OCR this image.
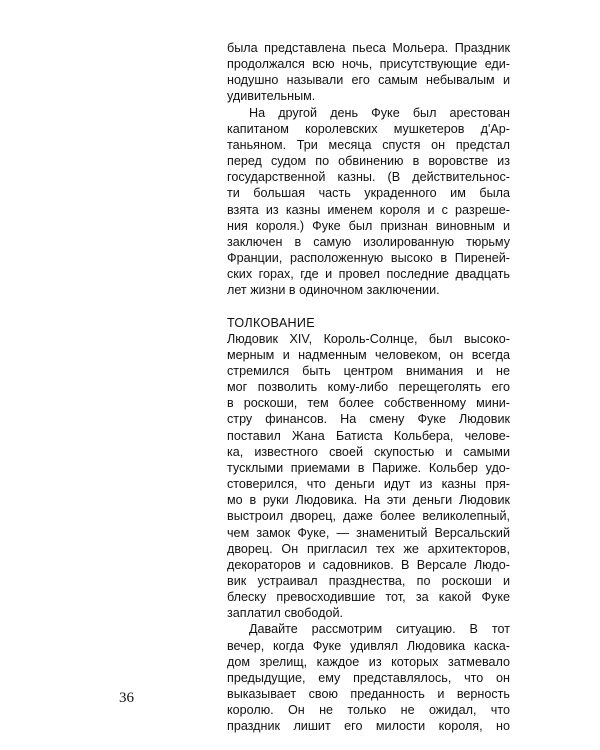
была представлена пьеса Мольера. Праздник
продолжался всю ночь, присутствующие еди-
нодушно называли его самым небывалым и
удивительным.
На другой день Фуке был арестован
капитаном королевских мушкетеров д'Ар-
таньяном. Три месяца спустя он предстал
перед судом по обвинению в воровстве из
государственной казны. (В действительнос-
ти большая часть украденного им была
взята из казны именем короля и с разреше-
ния короля.) Фуке был признан виновным и
заключен в самую изолированную тюрьму
Франции, расположенную высоко в Пиреней-
ских горах, где и провел последние двадцать
лет жизни в одиночном заключении.
ТОЛКОВАНИЕ
Людовик XIV, Король-Солнце, был высоко-
мерным и надменным человеком, он всегда
стремился быть центром внимания и не
мог позволить кому-либо перещеголять его
в роскоши, тем более собственному мини-
стру финансов. На смену Фуке Людовик
поставил Жана Батиста Кольбера, челове-
ка, известного своей скупостью и самыми
тусклыми приемами в Париже. Кольбер удо-
стоверился, что деньги идут из казны пря-
мо в руки Людовика. На эти деньги Людовик
выстроил дворец, даже более великолепный,
чем замок Фуке, — знаменитый Версальский
дворец. Он пригласил тех же архитекторов,
декораторов и садовников. В Версале Людо-
вик устраивал празднества, по роскоши и
блеску превосходившие тот, за какой Фуке
заплатил свободой.
Давайте рассмотрим ситуацию. В тот
вечер, когда Фуке удивлял Людовика каска-
дом зрелищ, каждое из которых затмевало
предыдущие, ему представлялось, что он
выказывает свою преданность и верность
королю. Он не только не ожидал, что
праздник лишит его милости короля, но
36
